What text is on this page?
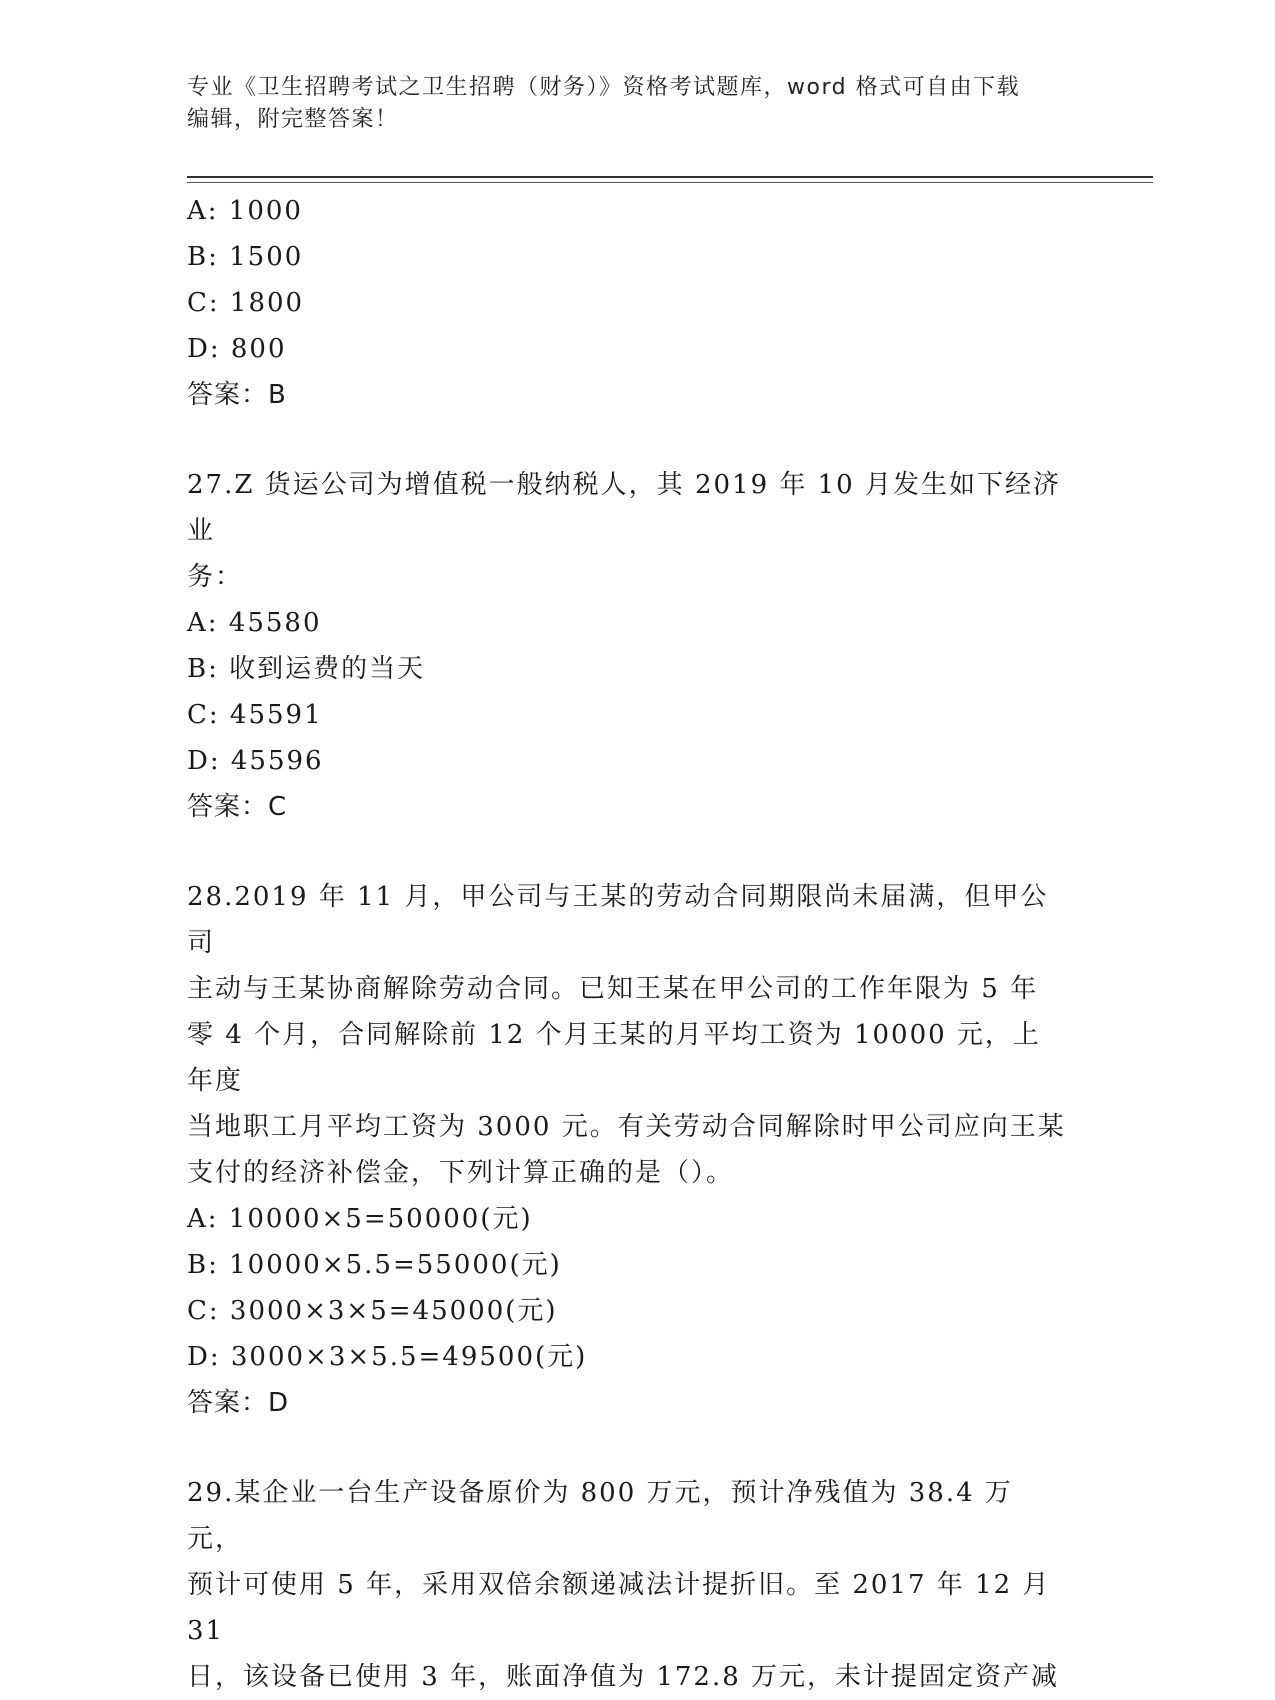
专业《卫生招聘考试之卫生招聘（财务）》资格考试题库，word 格式可自由下载
编辑，附完整答案！
A: 1000
B: 1500
C: 1800
D: 800
答案：B
27.Z 货运公司为增值税一般纳税人，其 2019 年 10 月发生如下经济业
务：
A: 45580
B: 收到运费的当天
C: 45591
D: 45596
答案：C
28.2019 年 11 月，甲公司与王某的劳动合同期限尚未届满，但甲公司
主动与王某协商解除劳动合同。已知王某在甲公司的工作年限为 5 年
零 4 个月，合同解除前 12 个月王某的月平均工资为 10000 元，上年度
当地职工月平均工资为 3000 元。有关劳动合同解除时甲公司应向王某
支付的经济补偿金，下列计算正确的是（）。
A: 10000×5=50000(元)
B: 10000×5.5=55000(元)
C: 3000×3×5=45000(元)
D: 3000×3×5.5=49500(元)
答案：D
29.某企业一台生产设备原价为 800 万元，预计净残值为 38.4 万元，
预计可使用 5 年，采用双倍余额递减法计提折旧。至 2017 年 12 月 31
日，该设备已使用 3 年，账面净值为 172.8 万元，未计提固定资产减
